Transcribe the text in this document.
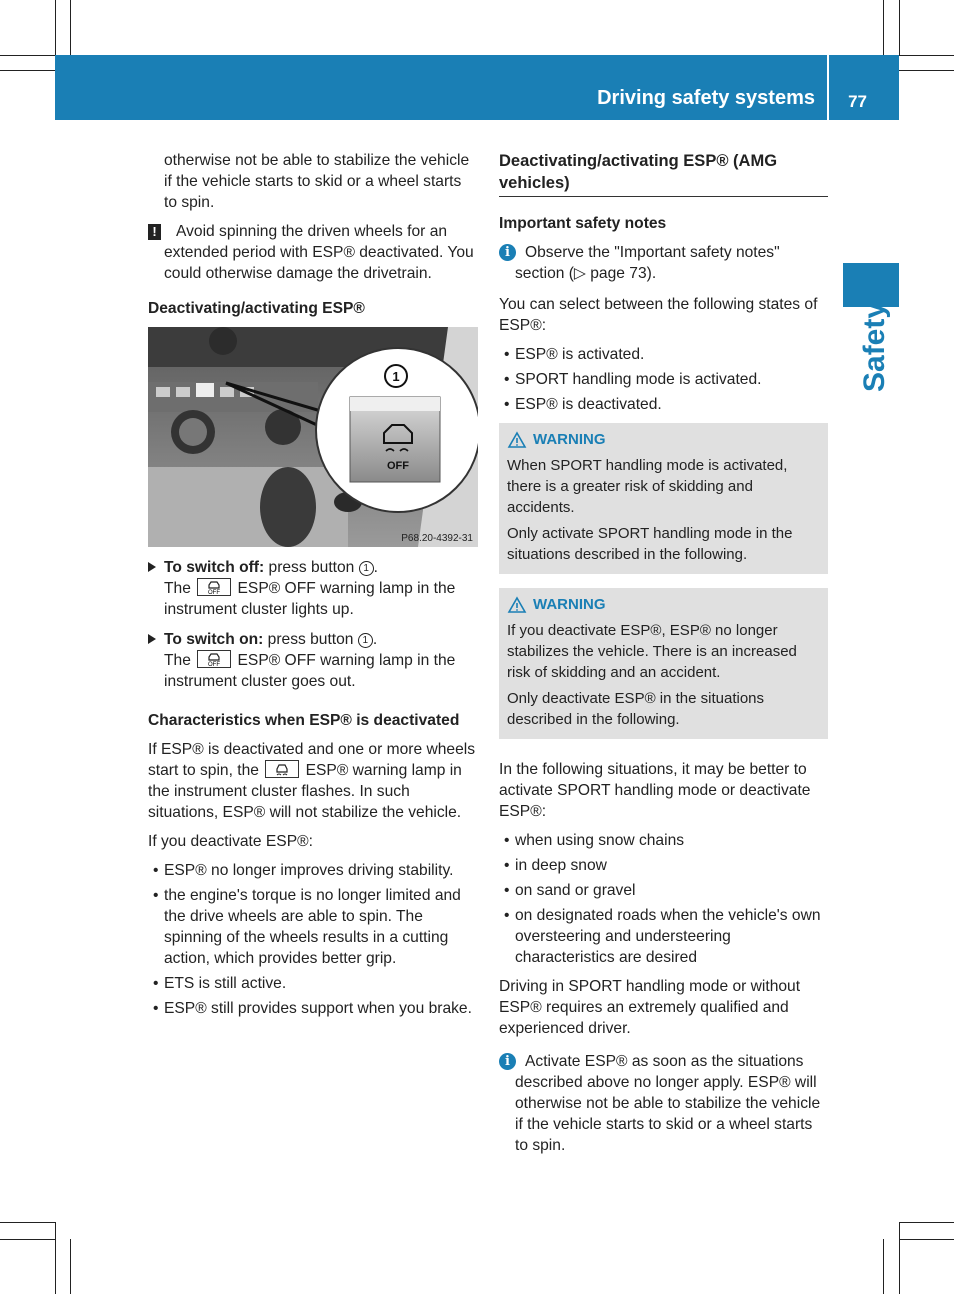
Driving safety systems 77
Safety

otherwise not be able to stabilize the vehicle if the vehicle starts to skid or a wheel starts to spin.

! Avoid spinning the driven wheels for an extended period with ESP® deactivated. You could otherwise damage the drivetrain.
Deactivating/activating ESP®
1
OFF
P68.20-4392-31
To switch off: press button 1 .
The OFF ESP® OFF warning lamp in the instrument cluster lights up.
To switch on: press button 1 .
The OFF ESP® OFF warning lamp in the instrument cluster goes out.
Characteristics when ESP® is deactivated

If ESP® is deactivated and one or more wheels start to spin, the
ESP® warning lamp in the instrument cluster flashes. In such situations, ESP® will not stabilize the vehicle.

If you deactivate ESP®:

• ESP® no longer improves driving stability.
• the engine's torque is no longer limited and the drive wheels are able to spin. The spinning of the wheels results in a cutting action, which provides better grip.
• ETS is still active.
• ESP® still provides support when you brake.
Deactivating/activating ESP® (AMG vehicles)
Important safety notes
i Observe the "Important safety notes" section (▷ page 73).

You can select between the following states of ESP®:

• ESP® is activated.
• SPORT handling mode is activated.
• ESP® is deactivated.
WARNING

When SPORT handling mode is activated, there is a greater risk of skidding and accidents.

Only activate SPORT handling mode in the situations described in the following.

WARNING

If you deactivate ESP®, ESP® no longer stabilizes the vehicle. There is an increased risk of skidding and an accident.

Only deactivate ESP® in the situations described in the following.

In the following situations, it may be better to activate SPORT handling mode or deactivate ESP®:

• when using snow chains
• in deep snow
• on sand or gravel
• on designated roads when the vehicle's own oversteering and understeering characteristics are desired

Driving in SPORT handling mode or without ESP® requires an extremely qualified and experienced driver.

i Activate ESP® as soon as the situations described above no longer apply. ESP® will otherwise not be able to stabilize the vehicle if the vehicle starts to skid or a wheel starts to spin.
